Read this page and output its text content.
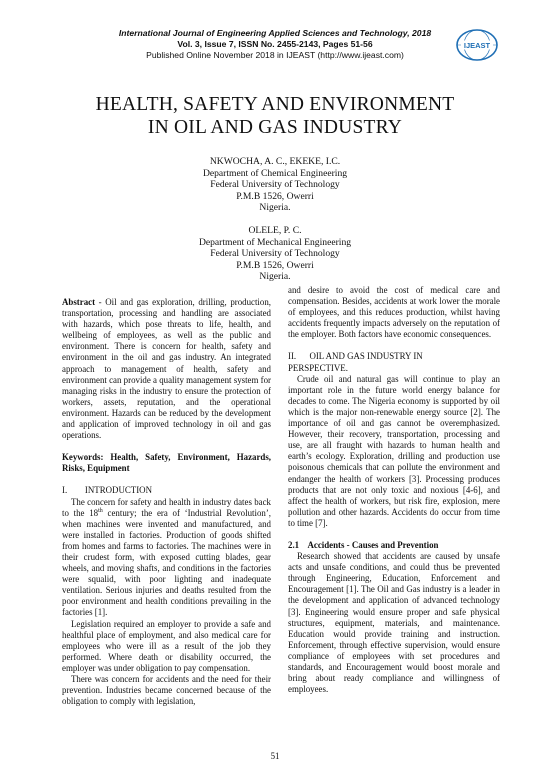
International Journal of Engineering Applied Sciences and Technology, 2018
Vol. 3, Issue 7, ISSN No. 2455-2143, Pages 51-56
Published Online November 2018 in IJEAST (http://www.ijeast.com)
IJEAST
HEALTH, SAFETY AND ENVIRONMENT
IN OIL AND GAS INDUSTRY
NKWOCHA, A. C., EKEKE, I.C.
Department of Chemical Engineering
Federal University of Technology
P.M.B 1526, Owerri
Nigeria.
OLELE, P. C.
Department of Mechanical Engineering
Federal University of Technology
P.M.B 1526, Owerri
Nigeria.

Abstract - Oil and gas exploration, drilling, production, transportation, processing and handling are associated with hazards, which pose threats to life, health, and wellbeing of employees, as well as the public and environment. There is concern for health, safety and environment in the oil and gas industry. An integrated approach to management of health, safety and environment can provide a quality management system for managing risks in the industry to ensure the protection of workers, assets, reputation, and the operational environment. Hazards can be reduced by the development and application of improved technology in oil and gas operations.

Keywords: Health, Safety, Environment, Hazards, Risks, Equipment

I.        INTRODUCTION

The concern for safety and health in industry dates back to the 18th century; the era of ‘Industrial Revolution’, when machines were invented and manufactured, and were installed in factories. Production of goods shifted from homes and farms to factories. The machines were in their crudest form, with exposed cutting blades, gear wheels, and moving shafts, and conditions in the factories were squalid, with poor lighting and inadequate ventilation. Serious injuries and deaths resulted from the poor environment and health conditions prevailing in the factories [1].

Legislation required an employer to provide a safe and healthful place of employment, and also medical care for employees who were ill as a result of the job they performed. Where death or disability occurred, the employer was under obligation to pay compensation.

There was concern for accidents and the need for their prevention. Industries became concerned because of the obligation to comply with legislation,

and desire to avoid the cost of medical care and compensation. Besides, accidents at work lower the morale of employees, and this reduces production, whilst having accidents frequently impacts adversely on the reputation of the employer. Both factors have economic consequences.

II.      OIL AND GAS INDUSTRY IN

PERSPECTIVE.

Crude oil and natural gas will continue to play an important role in the future world energy balance for decades to come. The Nigeria economy is supported by oil which is the major non-renewable energy source [2]. The importance of oil and gas cannot be overemphasized. However, their recovery, transportation, processing and use, are all fraught with hazards to human health and earth’s ecology. Exploration, drilling and production use poisonous chemicals that can pollute the environment and endanger the health of workers [3]. Processing produces products that are not only toxic and noxious [4-6], and affect the health of workers, but risk fire, explosion, mere pollution and other hazards. Accidents do occur from time to time [7].

2.1    Accidents - Causes and Prevention

Research showed that accidents are caused by unsafe acts and unsafe conditions, and could thus be prevented through Engineering, Education, Enforcement and Encouragement [1]. The Oil and Gas industry is a leader in the development and application of advanced technology [3]. Engineering would ensure proper and safe physical structures, equipment, materials, and maintenance. Education would provide training and instruction. Enforcement, through effective supervision, would ensure compliance of employees with set procedures and standards, and Encouragement would boost morale and bring about ready compliance and willingness of employees.

51
